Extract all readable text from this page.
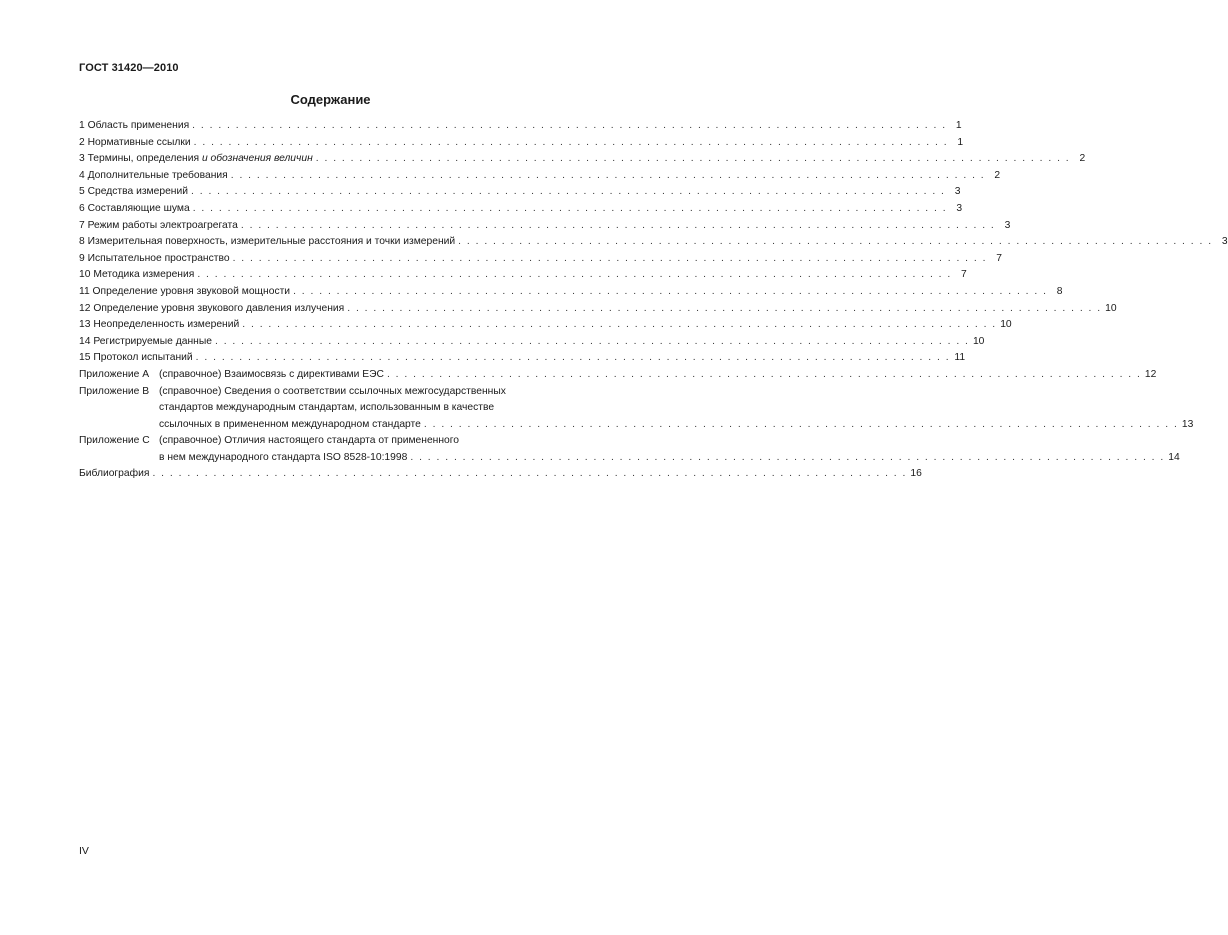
ГОСТ 31420—2010
Содержание
1 Область применения . . . . . . . . . . . . . . . . . . . . . . . . . . . . . . . . . . . . . . . . . . . . . . . . . . . . . . . . . . . . . . . . . . . . . . . . . . . . . . . . . . . . . . . 1
2 Нормативные ссылки . . . . . . . . . . . . . . . . . . . . . . . . . . . . . . . . . . . . . . . . . . . . . . . . . . . . . . . . . . . . . . . . . . . . . . . . . . . . . . . . . . . . . . . 1
3 Термины, определения и обозначения величин . . . . . . . . . . . . . . . . . . . . . . . . . . . . . . . . . . . . . . . . . . . . . . . . . . . . . . . . . . . . . . . . . . . . . . . . . . . . . . . . . . . . . . . 2
4 Дополнительные требования . . . . . . . . . . . . . . . . . . . . . . . . . . . . . . . . . . . . . . . . . . . . . . . . . . . . . . . . . . . . . . . . . . . . . . . . . . . . . . . . . . . . . . . 2
5 Средства измерений . . . . . . . . . . . . . . . . . . . . . . . . . . . . . . . . . . . . . . . . . . . . . . . . . . . . . . . . . . . . . . . . . . . . . . . . . . . . . . . . . . . . . . . 3
6 Составляющие шума . . . . . . . . . . . . . . . . . . . . . . . . . . . . . . . . . . . . . . . . . . . . . . . . . . . . . . . . . . . . . . . . . . . . . . . . . . . . . . . . . . . . . . . 3
7 Режим работы электроагрегата . . . . . . . . . . . . . . . . . . . . . . . . . . . . . . . . . . . . . . . . . . . . . . . . . . . . . . . . . . . . . . . . . . . . . . . . . . . . . . . . . . . . . . . 3
8 Измерительная поверхность, измерительные расстояния и точки измерений . . . . . . . . . . . . . . . . . . . . . . . . . . . . . . . . . . . . . . . . . . . . . . . . . . . . . . . . . . . . . . . . . . . . . . . . . . . . . . . . . . . . . . . 3
9 Испытательное пространство . . . . . . . . . . . . . . . . . . . . . . . . . . . . . . . . . . . . . . . . . . . . . . . . . . . . . . . . . . . . . . . . . . . . . . . . . . . . . . . . . . . . . . . 7
10 Методика измерения . . . . . . . . . . . . . . . . . . . . . . . . . . . . . . . . . . . . . . . . . . . . . . . . . . . . . . . . . . . . . . . . . . . . . . . . . . . . . . . . . . . . . . . 7
11 Определение уровня звуковой мощности . . . . . . . . . . . . . . . . . . . . . . . . . . . . . . . . . . . . . . . . . . . . . . . . . . . . . . . . . . . . . . . . . . . . . . . . . . . . . . . . . . . . . . . 8
12 Определение уровня звукового давления излучения . . . . . . . . . . . . . . . . . . . . . . . . . . . . . . . . . . . . . . . . . . . . . . . . . . . . . . . . . . . . . . . . . . . . . . . . . . . . . . . . . . . . . . . 10
13 Неопределенность измерений . . . . . . . . . . . . . . . . . . . . . . . . . . . . . . . . . . . . . . . . . . . . . . . . . . . . . . . . . . . . . . . . . . . . . . . . . . . . . . . . . . . . . . . 10
14 Регистрируемые данные . . . . . . . . . . . . . . . . . . . . . . . . . . . . . . . . . . . . . . . . . . . . . . . . . . . . . . . . . . . . . . . . . . . . . . . . . . . . . . . . . . . . . . . 10
15 Протокол испытаний . . . . . . . . . . . . . . . . . . . . . . . . . . . . . . . . . . . . . . . . . . . . . . . . . . . . . . . . . . . . . . . . . . . . . . . . . . . . . . . . . . . . . . . 11
Приложение А (справочное) Взаимосвязь с директивами ЕЭС . . . . . . . . . . . . . . . . . . . . . . . . . . . . . . . . . . . . . . . . . . . . . . . . . . . . . . . . . . . . . . . . . . . . . . . . . . . . . . . . . . . . . . . 12
Приложение В (справочное) Сведения о соответствии ссылочных межгосударственных
стандартов международным стандартам, использованным в качестве
ссылочных в примененном международном стандарте . . . . . . . . . . . . . . . . . . . . . . . . . . . . . . . . . . . . . . . . . . . . . . . . . . . . . . . . . . . . . . . . . . . . . . . . . . . . . . . . . . . . . . . 13
Приложение С (справочное) Отличия настоящего стандарта от примененного
в нем международного стандарта ISO 8528-10:1998 . . . . . . . . . . . . . . . . . . . . . . . . . . . . . . . . . . . . . . . . . . . . . . . . . . . . . . . . . . . . . . . . . . . . . . . . . . . . . . . . . . . . . . . 14
Библиография . . . . . . . . . . . . . . . . . . . . . . . . . . . . . . . . . . . . . . . . . . . . . . . . . . . . . . . . . . . . . . . . . . . . . . . . . . . . . . . . . . . . . . . 16
IV
